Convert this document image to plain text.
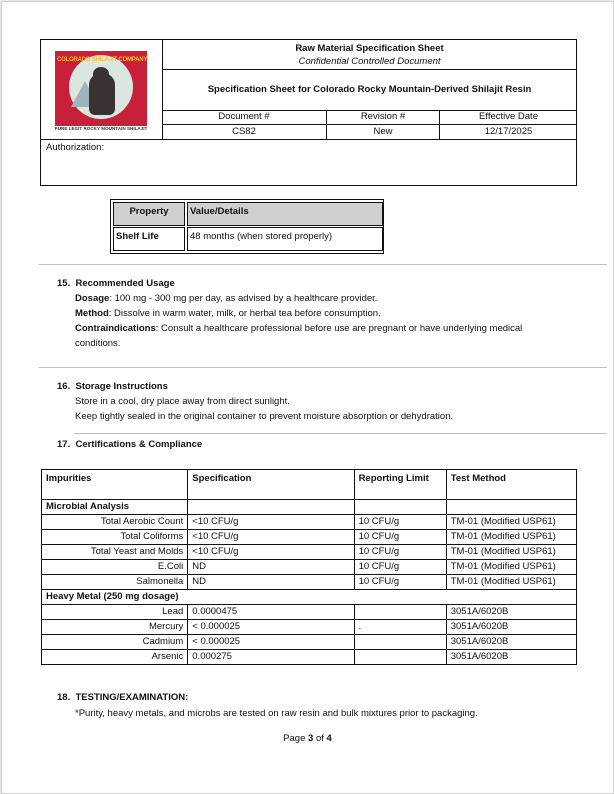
COLORADO SHILAJIT COMPANY
PURE LEGIT ROCKY MOUNTAIN SHILAJIT
Raw Material Specification Sheet
Confidential Controlled Document
Specification Sheet for Colorado Rocky Mountain-Derived Shilajit Resin
Document #	Revision #	Effective Date
CS82	New	12/17/2025
Authorization:
Property	Value/Details
Shelf Life	48 months (when stored properly)
15. Recommended Usage
Dosage: 100 mg - 300 mg per day, as advised by a healthcare provider.
Method: Dissolve in warm water, milk, or herbal tea before consumption.
Contraindications: Consult a healthcare professional before use are pregnant or have underlying medical
conditions.
16. Storage Instructions
Store in a cool, dry place away from direct sunlight.
Keep tightly sealed in the original container to prevent moisture absorption or dehydration.
17. Certifications & Compliance
Impurities	Specification	Reporting Limit	Test Method
Microbial Analysis			
Total Aerobic Count	<10 CFU/g	10 CFU/g	TM-01 (Modified USP61)
Total Coliforms	<10 CFU/g	10 CFU/g	TM-01 (Modified USP61)
Total Yeast and Molds	<10 CFU/g	10 CFU/g	TM-01 (Modified USP61)
E.Coli	ND	10 CFU/g	TM-01 (Modified USP61)
Salmonella	ND	10 CFU/g	TM-01 (Modified USP61)
Heavy Metal (250 mg dosage)			
Lead	0.0000475		3051A/6020B
Mercury	< 0.000025	.	3051A/6020B
Cadmium	< 0.000025		3051A/6020B
Arsenic	0.000275		3051A/6020B
18. TESTING/EXAMINATION:
*Purity, heavy metals, and microbs are tested on raw resin and bulk mixtures prior to packaging.
Page 3 of 4
